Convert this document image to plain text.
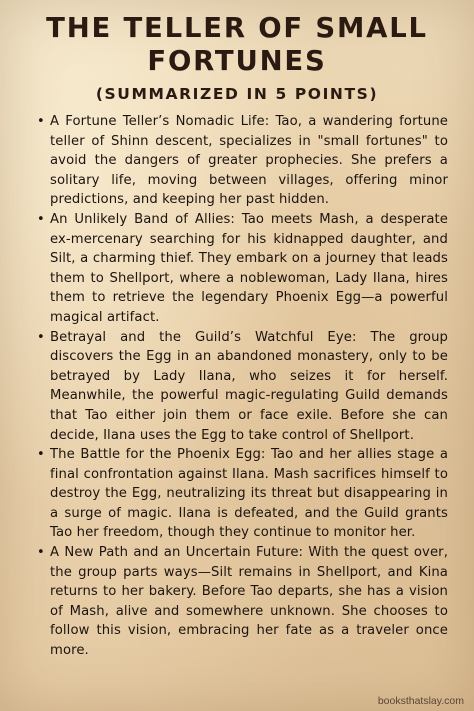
THE TELLER OF SMALL FORTUNES
(SUMMARIZED IN 5 POINTS)
• A Fortune Teller’s Nomadic Life: Tao, a wandering fortune teller of Shinn descent, specializes in "small fortunes" to avoid the dangers of greater prophecies. She prefers a solitary life, moving between villages, offering minor predictions, and keeping her past hidden.
• An Unlikely Band of Allies: Tao meets Mash, a desperate ex-mercenary searching for his kidnapped daughter, and Silt, a charming thief. They embark on a journey that leads them to Shellport, where a noblewoman, Lady Ilana, hires them to retrieve the legendary Phoenix Egg—a powerful magical artifact.
• Betrayal and the Guild’s Watchful Eye: The group discovers the Egg in an abandoned monastery, only to be betrayed by Lady Ilana, who seizes it for herself. Meanwhile, the powerful magic-regulating Guild demands that Tao either join them or face exile. Before she can decide, Ilana uses the Egg to take control of Shellport.
• The Battle for the Phoenix Egg: Tao and her allies stage a final confrontation against Ilana. Mash sacrifices himself to destroy the Egg, neutralizing its threat but disappearing in a surge of magic. Ilana is defeated, and the Guild grants Tao her freedom, though they continue to monitor her.
• A New Path and an Uncertain Future: With the quest over, the group parts ways—Silt remains in Shellport, and Kina returns to her bakery. Before Tao departs, she has a vision of Mash, alive and somewhere unknown. She chooses to follow this vision, embracing her fate as a traveler once more.
booksthatslay.com
